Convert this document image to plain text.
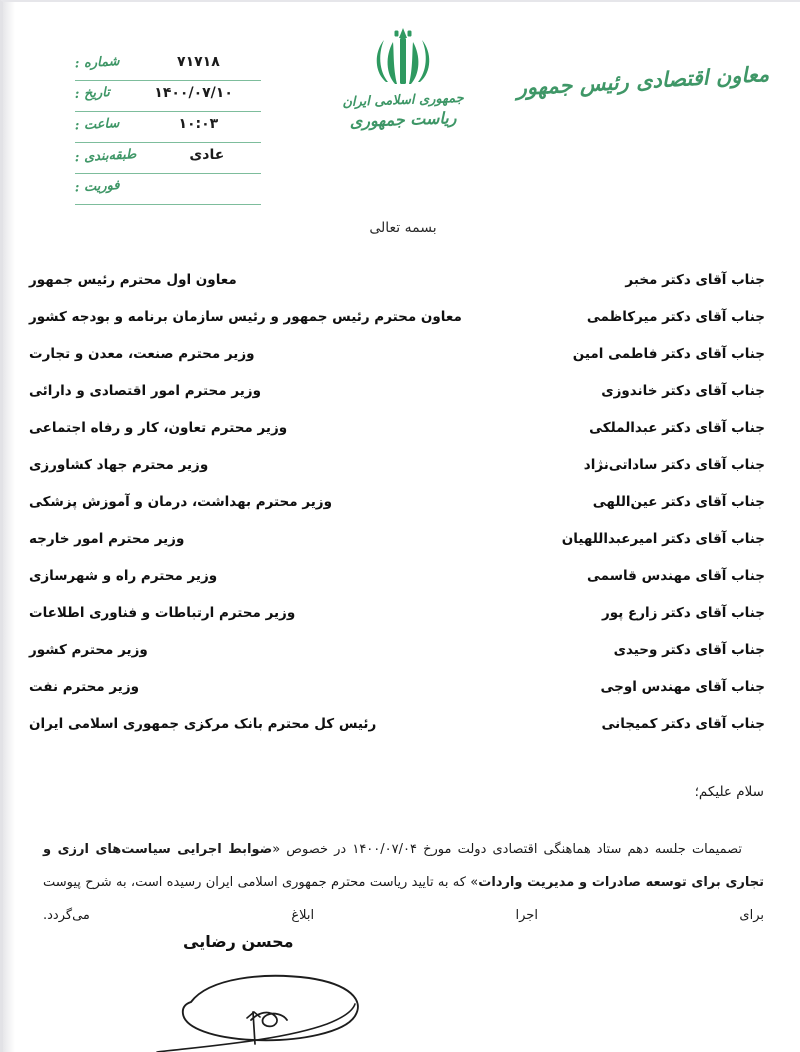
معاون اقتصادی رئیس جمهور
جمهوری اسلامی ایران
ریاست جمهوری
شماره :	۷۱۷۱۸
تاریخ :	۱۴۰۰/۰۷/۱۰
ساعت :	۱۰:۰۳
طبقه‌بندی :	عادی
فوریت :
بسمه تعالی
جناب آقای دکتر مخبر
معاون اول محترم رئیس جمهور
جناب آقای دکتر میرکاظمی
معاون محترم رئیس جمهور و رئیس سازمان برنامه و بودجه کشور
جناب آقای دکتر فاطمی امین
وزیر محترم صنعت، معدن و تجارت
جناب آقای دکتر خاندوزی
وزیر محترم امور اقتصادی و دارائی
جناب آقای دکتر عبدالملکی
وزیر محترم تعاون، کار و رفاه اجتماعی
جناب آقای دکتر ساداتی‌نژاد
وزیر محترم جهاد کشاورزی
جناب آقای دکتر عین‌اللهی
وزیر محترم بهداشت، درمان و آموزش پزشکی
جناب آقای دکتر امیرعبداللهیان
وزیر محترم امور خارجه
جناب آقای مهندس قاسمی
وزیر محترم راه و شهرسازی
جناب آقای دکتر زارع پور
وزیر محترم ارتباطات و فناوری اطلاعات
جناب آقای دکتر وحیدی
وزیر محترم کشور
جناب آقای مهندس اوجی
وزیر محترم نفت
جناب آقای دکتر کمیجانی
رئیس کل محترم بانک مرکزی جمهوری اسلامی ایران
سلام علیکم؛

تصمیمات جلسه دهم ستاد هماهنگی اقتصادی دولت مورخ ۱۴۰۰/۰۷/۰۴ در خصوص «ضوابط اجرایی سیاست‌های ارزی و تجاری برای توسعه صادرات و مدیریت واردات» که به تایید ریاست محترم جمهوری اسلامی ایران رسیده است، به شرح پیوست برای اجرا ابلاغ می‌گردد.

محسن رضایی
